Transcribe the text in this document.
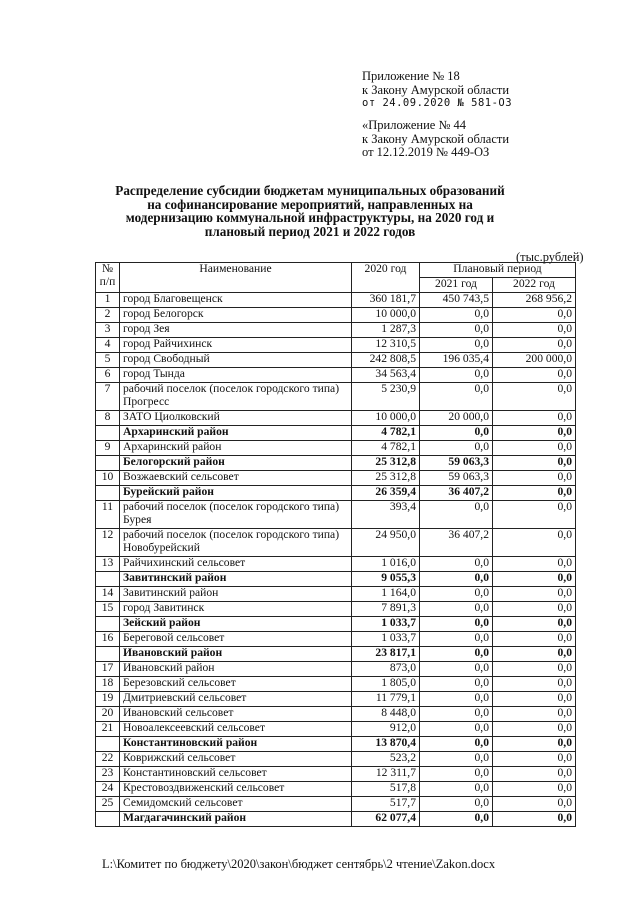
Приложение № 18
к Закону Амурской области
от 24.09.2020 № 581-ОЗ
«Приложение № 44
к Закону Амурской области
от 12.12.2019 № 449-ОЗ
Распределение субсидии бюджетам муниципальных образований на софинансирование мероприятий, направленных на модернизацию коммунальной инфраструктуры, на 2020 год и плановый период 2021 и 2022 годов
(тыс.рублей)
№ п/п	Наименование	2020 год	Плановый период	
			2021 год	2022 год
1	город Благовещенск	360 181,7	450 743,5	268 956,2
2	город Белогорск	10 000,0	0,0	0,0
3	город Зея	1 287,3	0,0	0,0
4	город Райчихинск	12 310,5	0,0	0,0
5	город Свободный	242 808,5	196 035,4	200 000,0
6	город Тында	34 563,4	0,0	0,0
7	рабочий поселок (поселок городского типа) Прогресс	5 230,9	0,0	0,0
8	ЗАТО Циолковский	10 000,0	20 000,0	0,0
	Архаринский район	4 782,1	0,0	0,0
9	Архаринский район	4 782,1	0,0	0,0
	Белогорский район	25 312,8	59 063,3	0,0
10	Возжаевский сельсовет	25 312,8	59 063,3	0,0
	Бурейский район	26 359,4	36 407,2	0,0
11	рабочий поселок (поселок городского типа) Бурея	393,4	0,0	0,0
12	рабочий поселок (поселок городского типа) Новобурейский	24 950,0	36 407,2	0,0
13	Райчихинский сельсовет	1 016,0	0,0	0,0
	Завитинский район	9 055,3	0,0	0,0
14	Завитинский район	1 164,0	0,0	0,0
15	город Завитинск	7 891,3	0,0	0,0
	Зейский район	1 033,7	0,0	0,0
16	Береговой сельсовет	1 033,7	0,0	0,0
	Ивановский район	23 817,1	0,0	0,0
17	Ивановский район	873,0	0,0	0,0
18	Березовский сельсовет	1 805,0	0,0	0,0
19	Дмитриевский сельсовет	11 779,1	0,0	0,0
20	Ивановский сельсовет	8 448,0	0,0	0,0
21	Новоалексеевский сельсовет	912,0	0,0	0,0
	Константиновский район	13 870,4	0,0	0,0
22	Коврижский сельсовет	523,2	0,0	0,0
23	Константиновский сельсовет	12 311,7	0,0	0,0
24	Крестовоздвиженский сельсовет	517,8	0,0	0,0
25	Семидомский сельсовет	517,7	0,0	0,0
	Магдагачинский район	62 077,4	0,0	0,0
L:\Комитет по бюджету\2020\закон\бюджет сентябрь\2 чтение\Zakon.docx
